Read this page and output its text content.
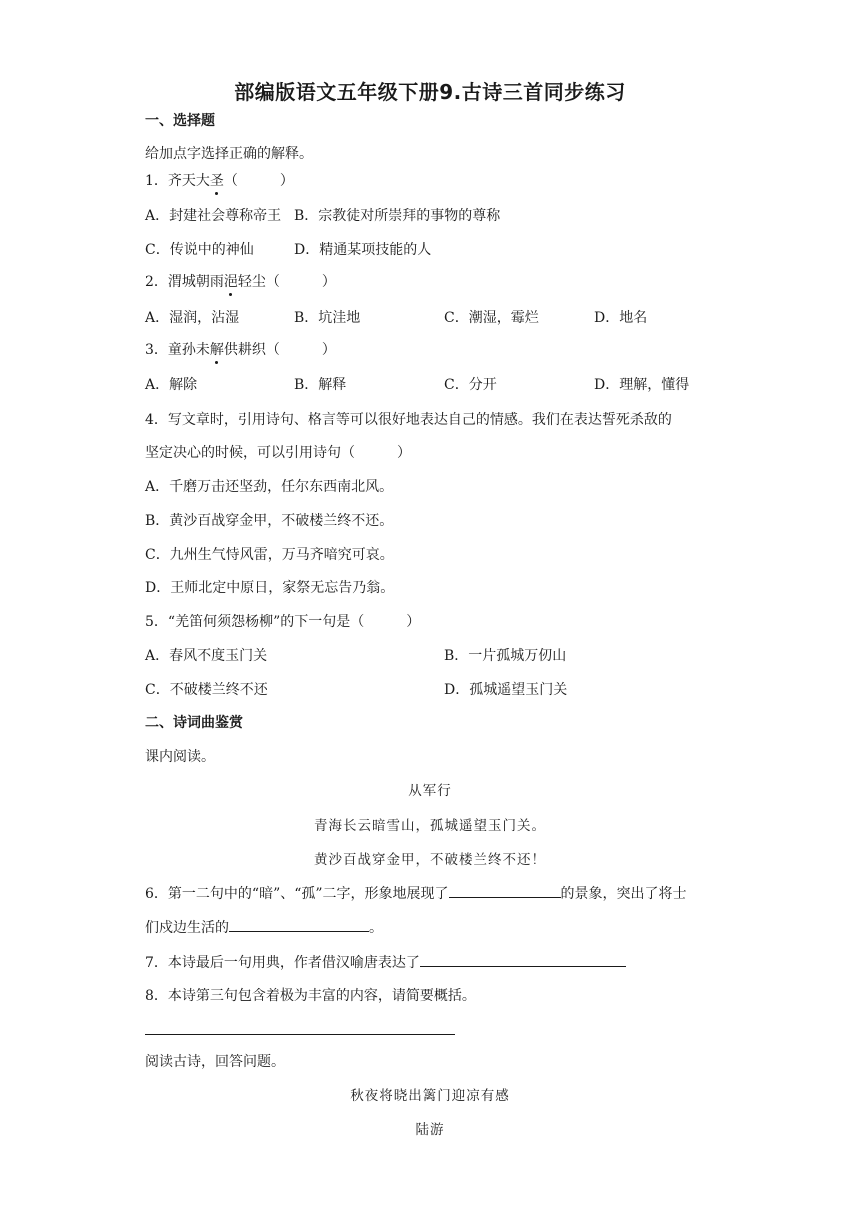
部编版语文五年级下册9.古诗三首同步练习
一、选择题
给加点字选择正确的解释。
1．齐天大圣（　　　）
A．封建社会尊称帝王 B．宗教徒对所崇拜的事物的尊称
C．传说中的神仙	D．精通某项技能的人
2．渭城朝雨浥轻尘（　　　）
A．湿润，沾湿	B．坑洼地	C．潮湿，霉烂	D．地名
3．童孙未解供耕织（　　　）
A．解除	B．解释	C．分开	D．理解，懂得
4．写文章时，引用诗句、格言等可以很好地表达自己的情感。我们在表达誓死杀敌的
坚定决心的时候，可以引用诗句（　　　）
A．千磨万击还坚劲，任尔东西南北风。
B．黄沙百战穿金甲，不破楼兰终不还。
C．九州生气恃风雷，万马齐喑究可哀。
D．王师北定中原日，家祭无忘告乃翁。
5．“羌笛何须怨杨柳”的下一句是（　　　）
A．春风不度玉门关	B．一片孤城万仞山
C．不破楼兰终不还	D．孤城遥望玉门关
二、诗词曲鉴赏
课内阅读。
从军行
青海长云暗雪山，孤城遥望玉门关。
黄沙百战穿金甲，不破楼兰终不还！
6．第一二句中的“暗”、“孤”二字，形象地展现了	的景象，突出了将士
们戍边生活的	。
7．本诗最后一句用典，作者借汉喻唐表达了
8．本诗第三句包含着极为丰富的内容，请简要概括。
阅读古诗，回答问题。
秋夜将晓出篱门迎凉有感
陆游
